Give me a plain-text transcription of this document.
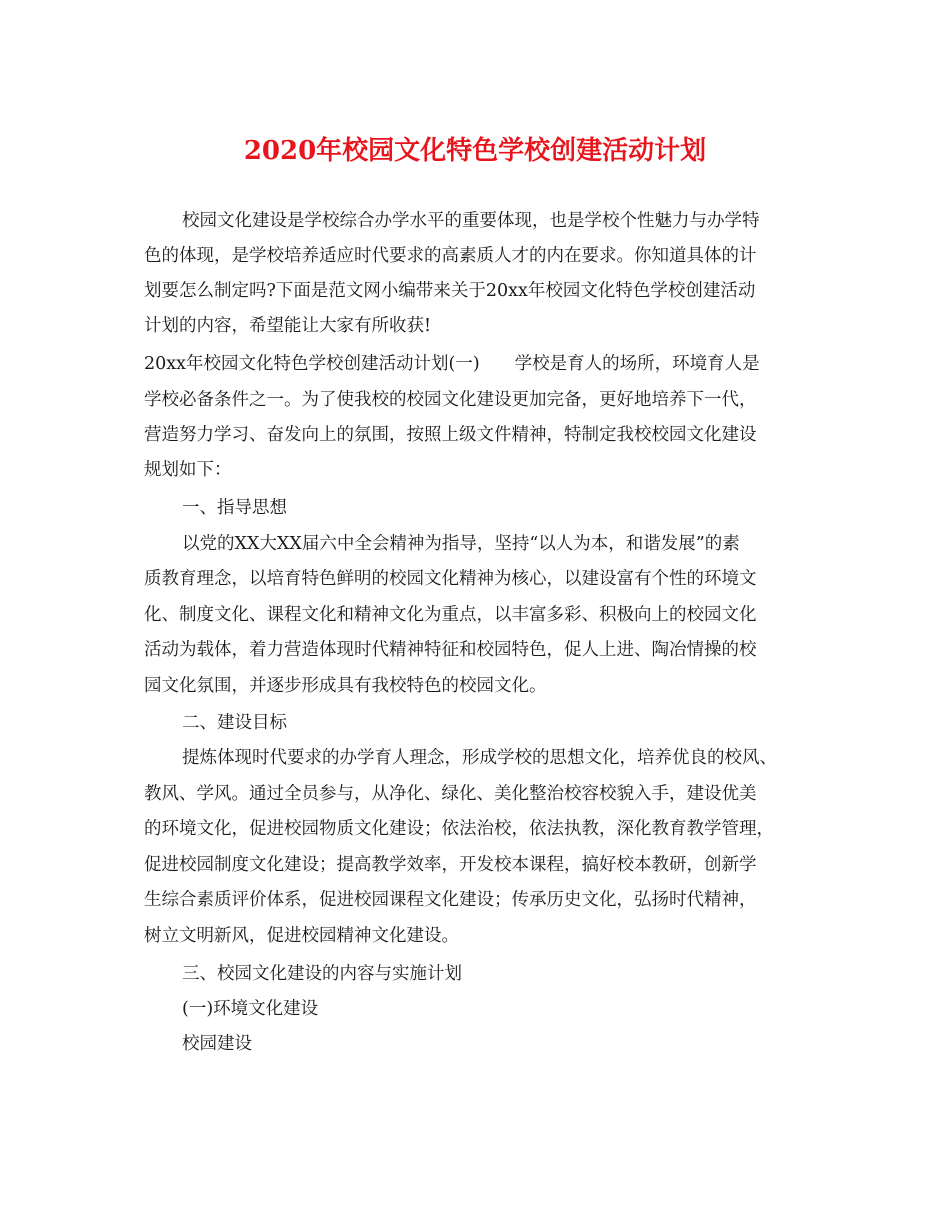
2020年校园文化特色学校创建活动计划

校园文化建设是学校综合办学水平的重要体现，也是学校个性魅力与办学特

色的体现，是学校培养适应时代要求的高素质人才的内在要求。你知道具体的计

划要怎么制定吗?下面是范文网小编带来关于20xx年校园文化特色学校创建活动

计划的内容，希望能让大家有所收获!

20xx年校园文化特色学校创建活动计划(一)　　学校是育人的场所，环境育人是

学校必备条件之一。为了使我校的校园文化建设更加完备，更好地培养下一代，

营造努力学习、奋发向上的氛围，按照上级文件精神，特制定我校校园文化建设

规划如下：

一、指导思想

以党的XX大XX届六中全会精神为指导，坚持“以人为本，和谐发展”的素

质教育理念，以培育特色鲜明的校园文化精神为核心，以建设富有个性的环境文

化、制度文化、课程文化和精神文化为重点，以丰富多彩、积极向上的校园文化

活动为载体，着力营造体现时代精神特征和校园特色，促人上进、陶冶情操的校

园文化氛围，并逐步形成具有我校特色的校园文化。

二、建设目标

提炼体现时代要求的办学育人理念，形成学校的思想文化，培养优良的校风、

教风、学风。通过全员参与，从净化、绿化、美化整治校容校貌入手，建设优美

的环境文化，促进校园物质文化建设；依法治校，依法执教，深化教育教学管理，

促进校园制度文化建设；提高教学效率，开发校本课程，搞好校本教研，创新学

生综合素质评价体系，促进校园课程文化建设；传承历史文化，弘扬时代精神，

树立文明新风，促进校园精神文化建设。

三、校园文化建设的内容与实施计划

(一)环境文化建设

校园建设
